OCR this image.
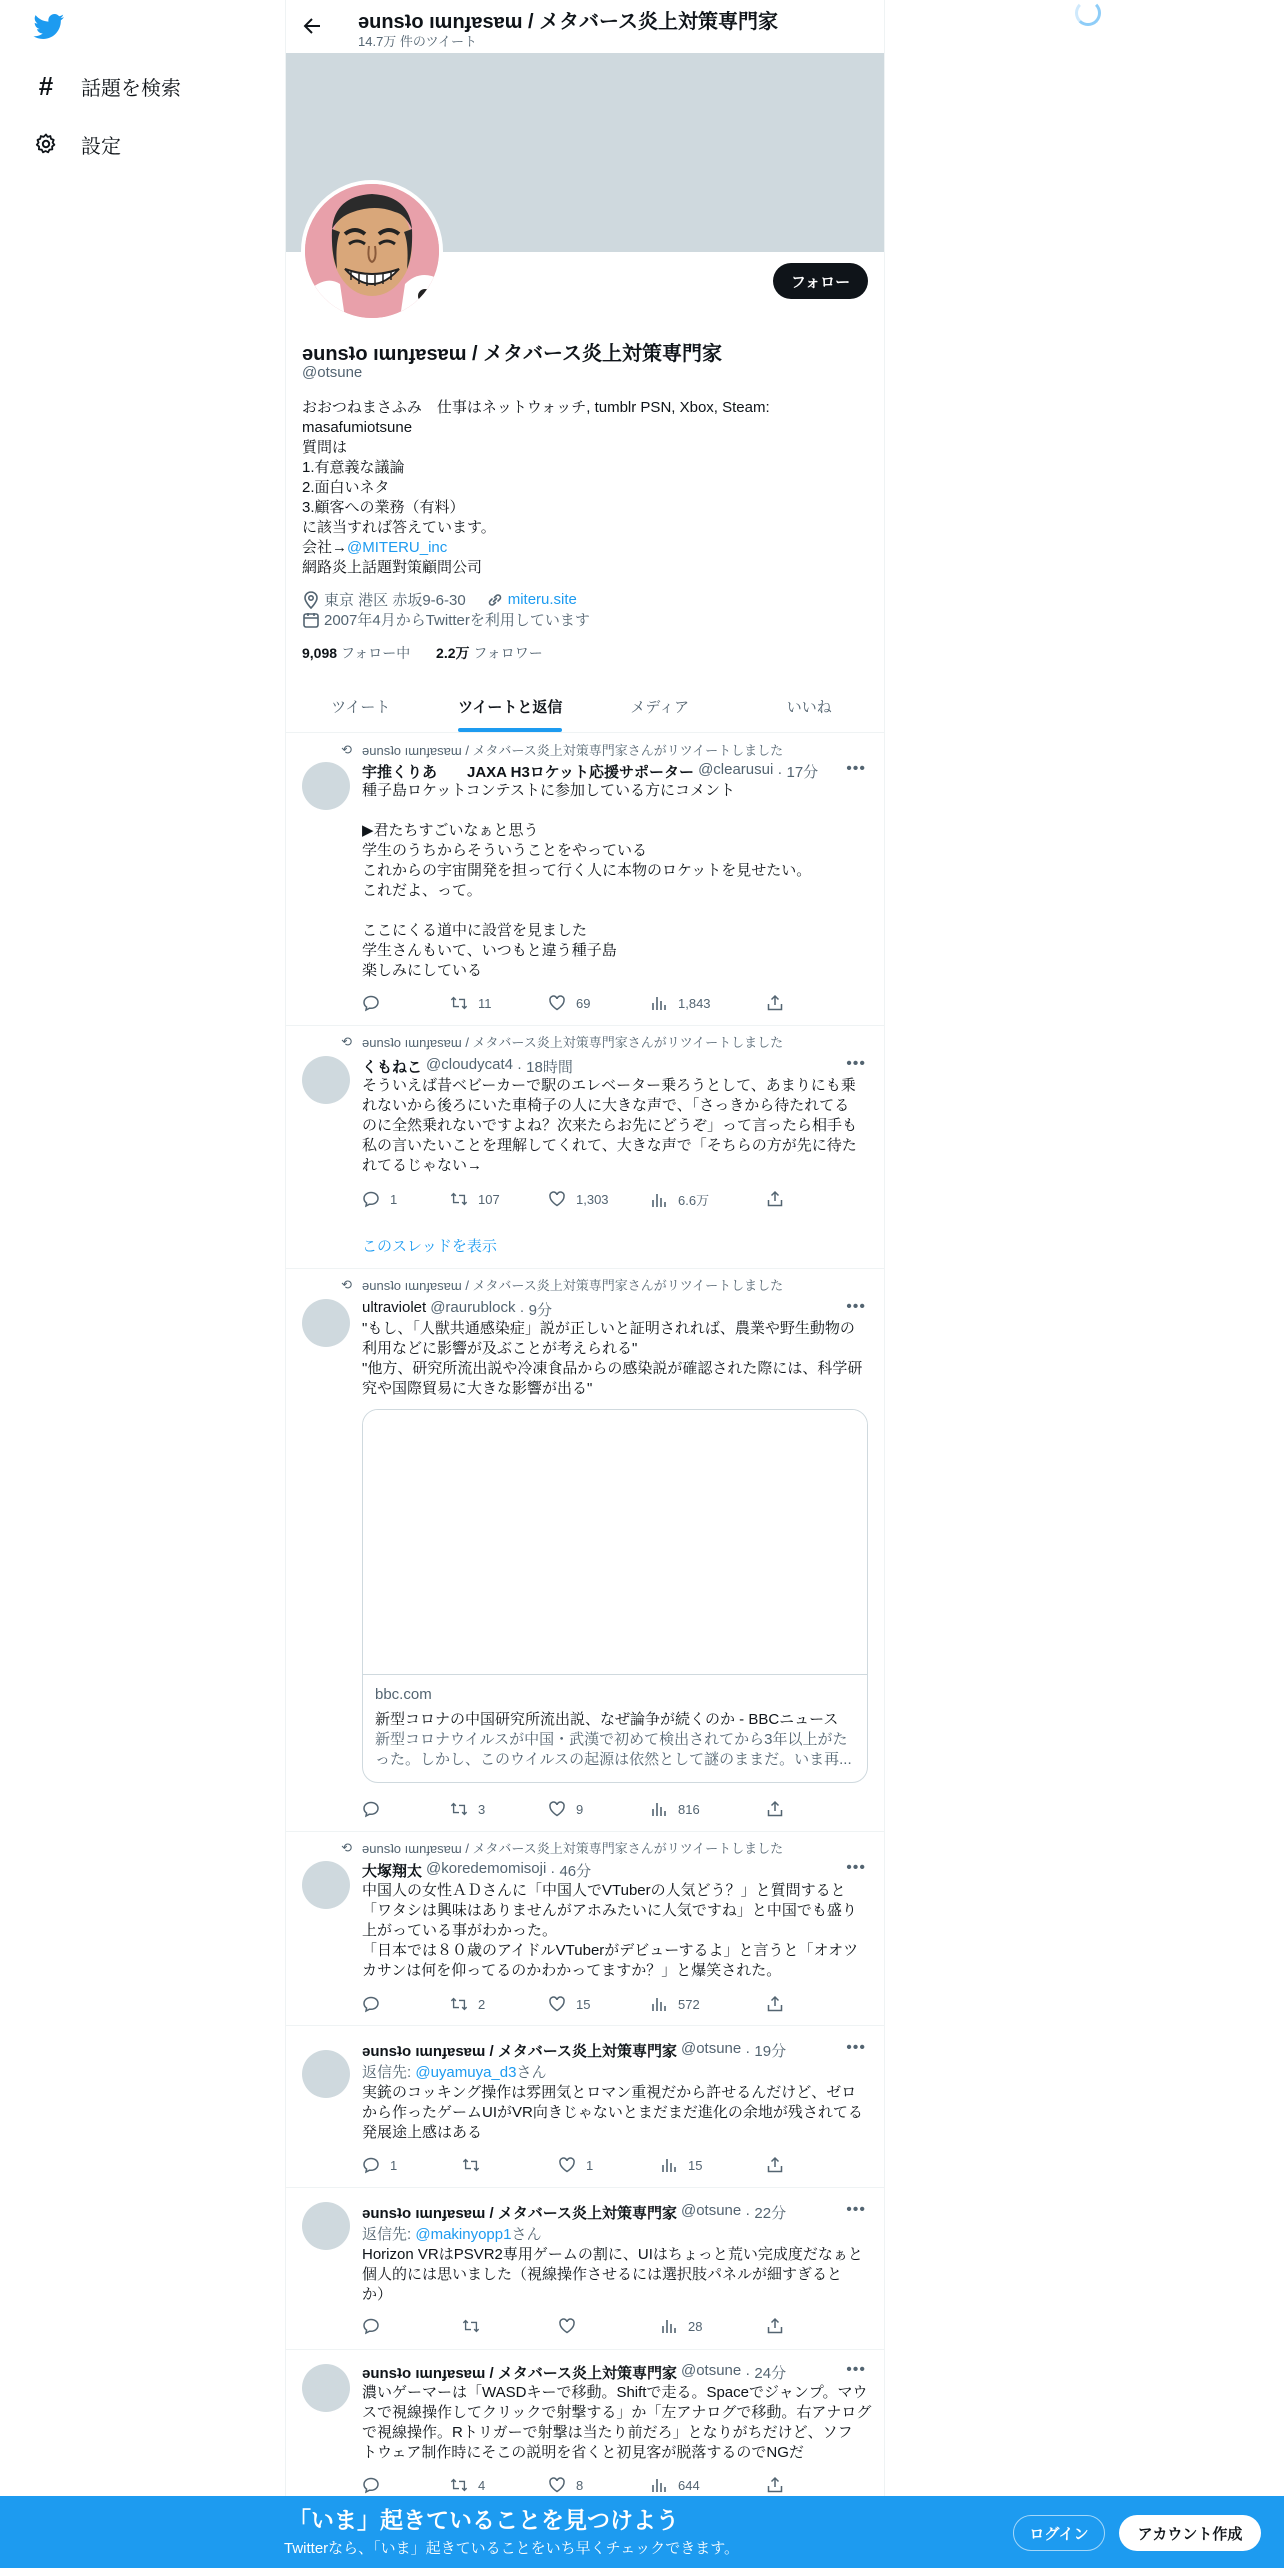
# 話題を検索
設定
ǝunsʇo ıɯnɟɐsɐɯ / メタバース炎上対策専門家
14.7万 件のツイート
フォロー
ǝunsʇo ıɯnɟɐsɐɯ / メタバース炎上対策専門家
@otsune
おおつねまさふみ　仕事はネットウォッチ, tumblr PSN, Xbox, Steam:
masafumiotsune
質問は
1.有意義な議論
2.面白いネタ
3.顧客への業務（有料）
に該当すれば答えています。
会社→@MITERU_inc
網路炎上話題對策顧問公司
東京 港区 赤坂9-6-30	miteru.site
2007年4月からTwitterを利用しています
9,098 フォロー中 2.2万 フォロワー
ツイート	ツイートと返信	メディア	いいね
⟲ ǝunsʇo ıɯnɟɐsɐɯ / メタバース炎上対策専門家さんがリツイートしました
宇推くりあ　　JAXA H3ロケット応援サポーター @clearusui · 17分 •••
種子島ロケットコンテストに参加している方にコメント
▶君たちすごいなぁと思う
学生のうちからそういうことをやっている
これからの宇宙開発を担って行く人に本物のロケットを見せたい。
これだよ、って。
ここにくる道中に設営を見ました
学生さんもいて、いつもと違う種子島
楽しみにしている
11	69	1,843
⟲ ǝunsʇo ıɯnɟɐsɐɯ / メタバース炎上対策専門家さんがリツイートしました
くもねこ @cloudycat4 · 18時間	•••
そういえば昔ベビーカーで駅のエレベーター乗ろうとして、あまりにも乗
れないから後ろにいた車椅子の人に大きな声で、「さっきから待たれてる
のに全然乗れないですよね？次来たらお先にどうぞ」って言ったら相手も
私の言いたいことを理解してくれて、大きな声で「そちらの方が先に待た
れてるじゃない→
1	107	1,303	6.6万
このスレッドを表示
⟲ ǝunsʇo ıɯnɟɐsɐɯ / メタバース炎上対策専門家さんがリツイートしました
ultraviolet @raurublock · 9分	•••
"もし、「人獣共通感染症」説が正しいと証明されれば、農業や野生動物の
利用などに影響が及ぶことが考えられる"
"他方、研究所流出説や冷凍食品からの感染説が確認された際には、科学研
究や国際貿易に大きな影響が出る"
bbc.com
新型コロナの中国研究所流出説、なぜ論争が続くのか - BBCニュース
新型コロナウイルスが中国・武漢で初めて検出されてから3年以上がた
った。しかし、このウイルスの起源は依然として謎のままだ。いま再...
3	9	816
⟲ ǝunsʇo ıɯnɟɐsɐɯ / メタバース炎上対策専門家さんがリツイートしました
大塚翔太 @koredemomisoji · 46分	•••
中国人の女性ＡＤさんに「中国人でVTuberの人気どう？」と質問すると
「ワタシは興味はありませんがアホみたいに人気ですね」と中国でも盛り
上がっている事がわかった。
「日本では８０歳のアイドルVTuberがデビューするよ」と言うと「オオツ
カサンは何を仰ってるのかわかってますか？」と爆笑された。
2	15	572
ǝunsʇo ıɯnɟɐsɐɯ / メタバース炎上対策専門家 @otsune · 19分	•••
返信先: @uyamuya_d3さん
実銃のコッキング操作は雰囲気とロマン重視だから許せるんだけど、ゼロ
から作ったゲームUIがVR向きじゃないとまだまだ進化の余地が残されてる
発展途上感はある
1	1	15
ǝunsʇo ıɯnɟɐsɐɯ / メタバース炎上対策専門家 @otsune · 22分	•••
返信先: @makinyopp1さん
Horizon VRはPSVR2専用ゲームの割に、UIはちょっと荒い完成度だなぁと
個人的には思いました（視線操作させるには選択肢パネルが細すぎると
か）
28
ǝunsʇo ıɯnɟɐsɐɯ / メタバース炎上対策専門家 @otsune · 24分	•••
濃いゲーマーは「WASDキーで移動。Shiftで走る。Spaceでジャンプ。マウ
スで視線操作してクリックで射撃する」か「左アナログで移動。右アナログ
で視線操作。Rトリガーで射撃は当たり前だろ」となりがちだけど、ソフ
トウェア制作時にそこの説明を省くと初見客が脱落するのでNGだ
4	8	644
「いま」起きていることを見つけよう
Twitterなら、「いま」起きていることをいち早くチェックできます。
ログイン	アカウント作成
